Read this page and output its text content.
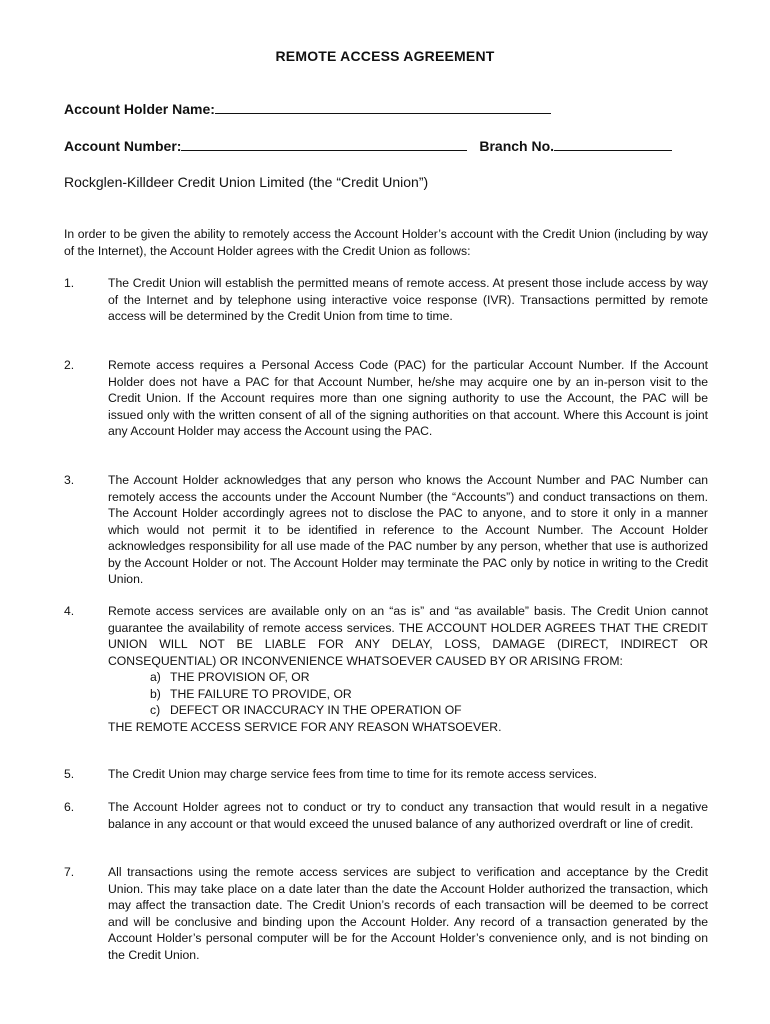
REMOTE ACCESS AGREEMENT
Account Holder Name:
Account Number:	Branch No.
Rockglen-Killdeer Credit Union Limited (the “Credit Union”)
In order to be given the ability to remotely access the Account Holder’s account with the Credit Union (including by way of the Internet), the Account Holder agrees with the Credit Union as follows:
1.	The Credit Union will establish the permitted means of remote access. At present those include access by way of the Internet and by telephone using interactive voice response (IVR). Transactions permitted by remote access will be determined by the Credit Union from time to time.
2.	Remote access requires a Personal Access Code (PAC) for the particular Account Number. If the Account Holder does not have a PAC for that Account Number, he/she may acquire one by an in-person visit to the Credit Union. If the Account requires more than one signing authority to use the Account, the PAC will be issued only with the written consent of all of the signing authorities on that account. Where this Account is joint any Account Holder may access the Account using the PAC.
3.	The Account Holder acknowledges that any person who knows the Account Number and PAC Number can remotely access the accounts under the Account Number (the “Accounts”) and conduct transactions on them. The Account Holder accordingly agrees not to disclose the PAC to anyone, and to store it only in a manner which would not permit it to be identified in reference to the Account Number. The Account Holder acknowledges responsibility for all use made of the PAC number by any person, whether that use is authorized by the Account Holder or not. The Account Holder may terminate the PAC only by notice in writing to the Credit Union.
4.	Remote access services are available only on an “as is” and “as available” basis. The Credit Union cannot guarantee the availability of remote access services. THE ACCOUNT HOLDER AGREES THAT THE CREDIT UNION WILL NOT BE LIABLE FOR ANY DELAY, LOSS, DAMAGE (DIRECT, INDIRECT OR CONSEQUENTIAL) OR INCONVENIENCE WHATSOEVER CAUSED BY OR ARISING FROM:
a) THE PROVISION OF, OR
b) THE FAILURE TO PROVIDE, OR
c) DEFECT OR INACCURACY IN THE OPERATION OF
THE REMOTE ACCESS SERVICE FOR ANY REASON WHATSOEVER.
5.	The Credit Union may charge service fees from time to time for its remote access services.
6.	The Account Holder agrees not to conduct or try to conduct any transaction that would result in a negative balance in any account or that would exceed the unused balance of any authorized overdraft or line of credit.
7.	All transactions using the remote access services are subject to verification and acceptance by the Credit Union. This may take place on a date later than the date the Account Holder authorized the transaction, which may affect the transaction date. The Credit Union’s records of each transaction will be deemed to be correct and will be conclusive and binding upon the Account Holder. Any record of a transaction generated by the Account Holder’s personal computer will be for the Account Holder’s convenience only, and is not binding on the Credit Union.
